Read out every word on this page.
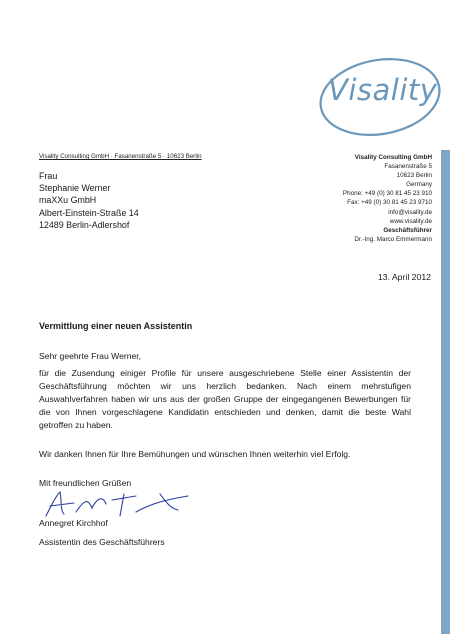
Visality
Visality Consulting GmbH · Fasanenstraße 5 · 10623 Berlin
Frau
Stephanie Werner
maXXu GmbH
Albert-Einstein-Straße 14
12489 Berlin-Adlershof
Visality Consulting GmbH
Fasanenstraße 5
10623 Berlin
Germany
Phone: +49 (0) 30 81 45 23 910
Fax: +49 (0) 30 81 45 23 9710
info@visality.de
www.visality.de
Geschäftsführer
Dr.-Ing. Marco Emmermann
13. April 2012
Vermittlung einer neuen Assistentin
Sehr geehrte Frau Werner,
für die Zusendung einiger Profile für unsere ausgeschriebene Stelle einer Assistentin der Geschäftsführung möchten wir uns herzlich bedanken. Nach einem mehrstufigen Auswahlverfahren haben wir uns aus der großen Gruppe der eingegangenen Bewerbungen für die von Ihnen vorgeschlagene Kandidatin entschieden und denken, damit die beste Wahl getroffen zu haben.
Wir danken Ihnen für Ihre Bemühungen und wünschen Ihnen weiterhin viel Erfolg.
Mit freundlichen Grüßen
Annegret Kirchhof
Assistentin des Geschäftsführers
